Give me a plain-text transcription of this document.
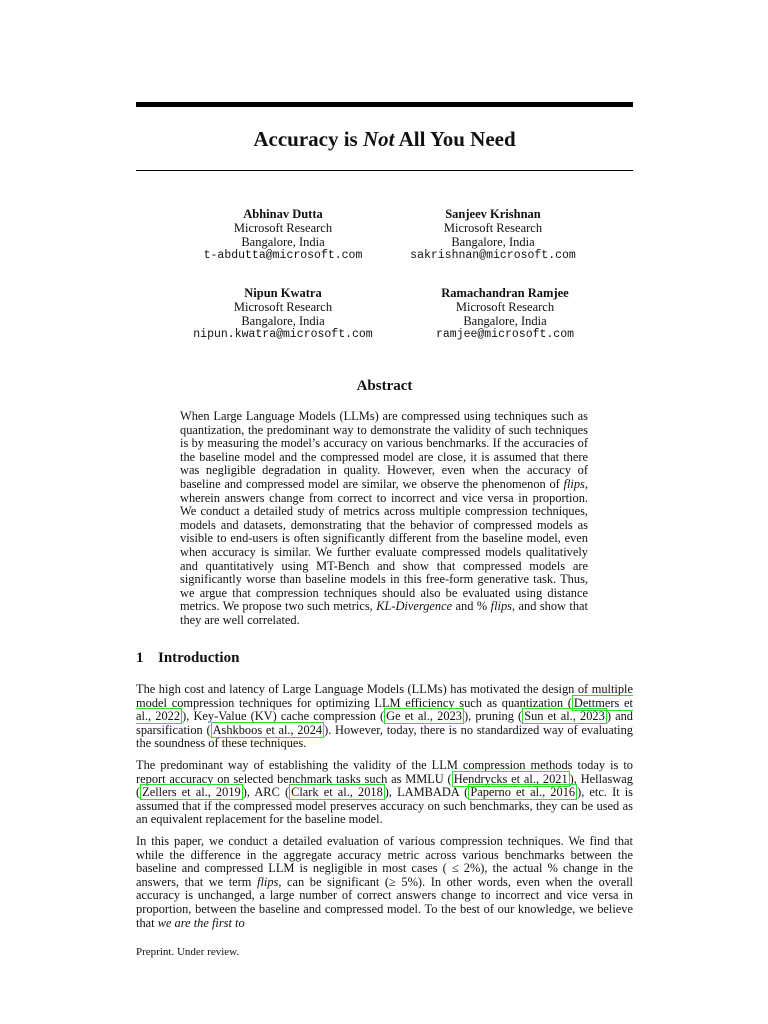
Accuracy is Not All You Need
Abhinav Dutta
Microsoft Research
Bangalore, India
t-abdutta@microsoft.com
Sanjeev Krishnan
Microsoft Research
Bangalore, India
sakrishnan@microsoft.com
Nipun Kwatra
Microsoft Research
Bangalore, India
nipun.kwatra@microsoft.com
Ramachandran Ramjee
Microsoft Research
Bangalore, India
ramjee@microsoft.com
Abstract

When Large Language Models (LLMs) are compressed using techniques such as quantization, the predominant way to demonstrate the validity of such techniques is by measuring the model’s accuracy on various benchmarks. If the accuracies of the baseline model and the compressed model are close, it is assumed that there was negligible degradation in quality. However, even when the accuracy of baseline and compressed model are similar, we observe the phenomenon of flips, wherein answers change from correct to incorrect and vice versa in proportion. We conduct a detailed study of metrics across multiple compression techniques, models and datasets, demonstrating that the behavior of compressed models as visible to end-users is often significantly different from the baseline model, even when accuracy is similar. We further evaluate compressed models qualitatively and quantitatively using MT-Bench and show that compressed models are significantly worse than baseline models in this free-form generative task. Thus, we argue that compression techniques should also be evaluated using distance metrics. We propose two such metrics, KL-Divergence and % flips, and show that they are well correlated.

1 Introduction

The high cost and latency of Large Language Models (LLMs) has motivated the design of multiple model compression techniques for optimizing LLM efficiency such as quantization ( Dettmers et al., 2022 ), Key-Value (KV) cache compression ( Ge et al., 2023 ), pruning ( Sun et al., 2023 ) and sparsification ( Ashkboos et al., 2024 ). However, today, there is no standardized way of evaluating the soundness of these techniques.

The predominant way of establishing the validity of the LLM compression methods today is to report accuracy on selected benchmark tasks such as MMLU ( Hendrycks et al., 2021 ), Hellaswag ( Zellers et al., 2019 ), ARC ( Clark et al., 2018 ), LAMBADA ( Paperno et al., 2016 ), etc. It is assumed that if the compressed model preserves accuracy on such benchmarks, they can be used as an equivalent replacement for the baseline model.

In this paper, we conduct a detailed evaluation of various compression techniques. We find that while the difference in the aggregate accuracy metric across various benchmarks between the baseline and compressed LLM is negligible in most cases ( ≤ 2%), the actual % change in the answers, that we term flips, can be significant (≥ 5%). In other words, even when the overall accuracy is unchanged, a large number of correct answers change to incorrect and vice versa in proportion, between the baseline and compressed model. To the best of our knowledge, we believe that we are the first to

Preprint. Under review.
